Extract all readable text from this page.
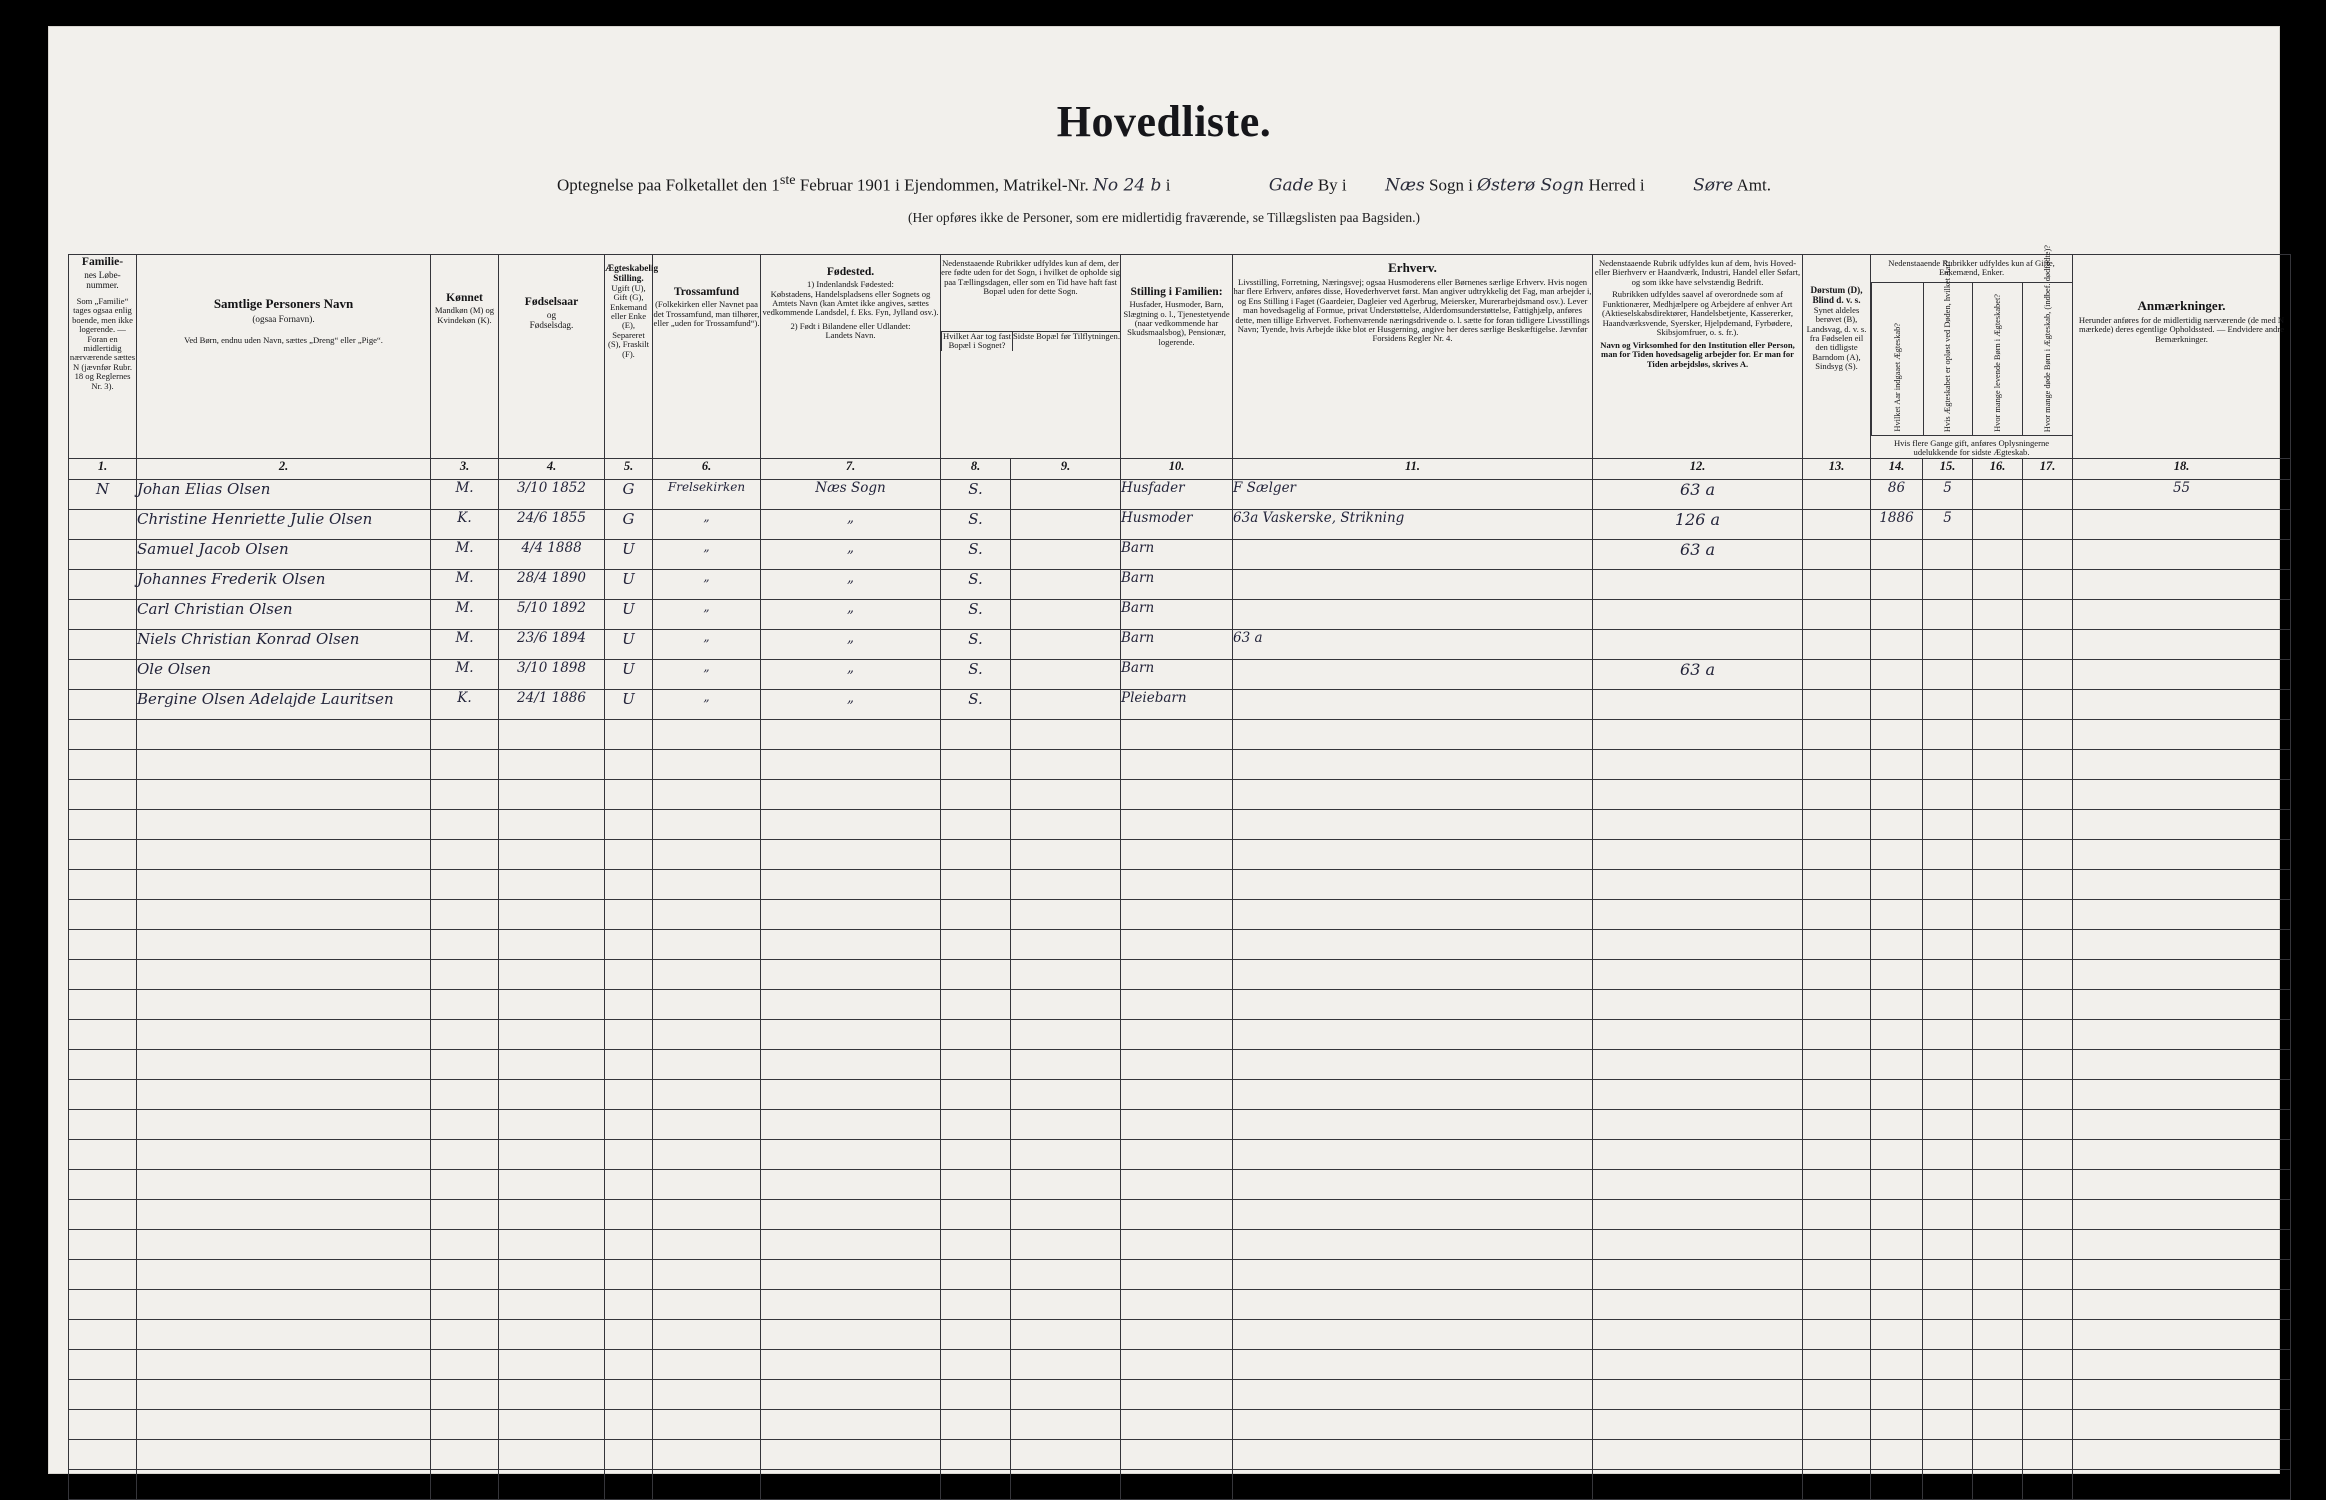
Hovedliste.
Optegnelse paa Folketallet den 1ste Februar 1901 i Ejendommen, Matrikel-Nr. No 24 b i	Gade By i Næs Sogn i Østerø Sogn Herred i	Søre Amt.
(Her opføres ikke de Personer, som ere midlertidig fraværende, se Tillægslisten paa Bagsiden.)
Familie-
nes Løbe-
nummer.
Som „Familie“ tages ogsaa enlig boende, men ikke logerende. — Foran en midlertidig nærværende sættes N (jævnfør Rubr. 18 og Reglernes Nr. 3).

Samtlige Personers Navn
(ogsaa Fornavn).
Ved Børn, endnu uden Navn, sættes „Dreng“ eller „Pige“.

Kønnet
Mandkøn (M) og Kvindekøn (K).

Fødselsaar
og
Fødselsdag.

Ægteskabelig Stilling.
Ugift (U), Gift (G), Enkemand eller Enke (E), Separeret (S), Fraskilt (F).

Trossamfund
(Folkekirken eller Navnet paa det Trossamfund, man tilhører, eller „uden for Trossamfund“).

Fødested.
1) Indenlandsk Fødested:
Købstadens, Handelspladsens eller Sognets og Amtets Navn (kan Amtet ikke angives, sættes vedkommende Landsdel, f. Eks. Fyn, Jylland osv.).
2) Født i Bilandene eller Udlandet:
Landets Navn.

Nedenstaaende Rubrikker udfyldes kun af dem, der ere fødte uden for det Sogn, i hvilket de opholde sig paa Tællingsdagen, eller som en Tid have haft fast Bopæl uden for dette Sogn.
Hvilket Aar tog fast Bopæl i Sognet?

Sidste Bopæl før Tilflytningen.

Stilling i Familien:
Husfader, Husmoder, Barn, Slægtning o. l., Tjenestetyende (naar vedkommende har Skudsmaalsbog), Pensionær, logerende.

Erhverv.
Livsstilling, Forretning, Næringsvej; ogsaa Husmoderens eller Børnenes særlige Erhverv. Hvis nogen har flere Erhverv, anføres disse, Hovederhvervet først. Man angiver udtrykkelig det Fag, man arbejder i, og Ens Stilling i Faget (Gaardeier, Dagleier ved Agerbrug, Meiersker, Murerarbejdsmand osv.). Lever man hovedsagelig af Formue, privat Understøttelse, Alderdomsunderstøttelse, Fattighjælp, anføres dette, men tillige Erhvervet. Forhenværende næringsdrivende o. l. sætte for foran tidligere Livsstillings Navn; Tyende, hvis Arbejde ikke blot er Husgerning, angive her deres særlige Beskæftigelse. Jævnfør Forsidens Regler Nr. 4.

Nedenstaaende Rubrik udfyldes kun af dem, hvis Hoved- eller Bierhverv er Haandværk, Industri, Handel eller Søfart, og som ikke have selvstændig Bedrift.
Rubrikken udfyldes saavel af overordnede som af Funktionærer, Medhjælpere og Arbejdere af enhver Art (Aktieselskabsdirektører, Handelsbetjente, Kassererker, Haandværksvende, Syersker, Hjelpdemand, Fyrbødere, Skibsjomfruer, o. s. fr.).
Navn og Virksomhed for den Institution eller Person, man for Tiden hovedsagelig arbejder for. Er man for Tiden arbejdsløs, skrives A.

Dørstum (D),
Blind d. v. s.
Synet aldeles berøvet (B), Landsvag, d. v. s. fra Fødselen eil den tidligste Barndom (A), Sindsyg (S).

Nedenstaaende Rubrikker udfyldes kun af Gifte, Enkemænd, Enker.
Hvilket Aar indgaaet Ægteskab?	Hvis Ægteskabet er opløst ved Døden, hvilket Aar?	Hvor mange levende Børn i Ægteskabet?	Hvor mange døde Børn i Ægteskab, (indbef. dødfødte)?
Hvis flere Gange gift, anføres Oplysningerne udelukkende for sidste Ægteskab.

Anmærkninger.
Herunder anføres for de midlertidig nærværende (de med N mærkede) deres egentlige Opholdssted. — Endvidere andre Bemærkninger.

1.	2.	3.	4.	5.	6.	7.	8.	9.	10.	11.	12.	13.	14.	15.	16.	17.	18.
N	Johan Elias Olsen	M.	3/10 1852	G	Frelsekirken	Næs Sogn	S.		Husfader	F Sælger	63 a		86	5			55
	Christine Henriette Julie Olsen	K.	24/6 1855	G	„	„	S.		Husmoder	63a Vaskerske, Strikning	126 a		1886	5			
	Samuel Jacob Olsen	M.	4/4 1888	U	„	„	S.		Barn		63 a						
	Johannes Frederik Olsen	M.	28/4 1890	U	„	„	S.		Barn								
	Carl Christian Olsen	M.	5/10 1892	U	„	„	S.		Barn								
	Niels Christian Konrad Olsen	M.	23/6 1894	U	„	„	S.		Barn	63 a							
	Ole Olsen	M.	3/10 1898	U	„	„	S.		Barn		63 a						
	Bergine Olsen Adelajde Lauritsen	K.	24/1 1886	U	„	„	S.		Pleiebarn								
